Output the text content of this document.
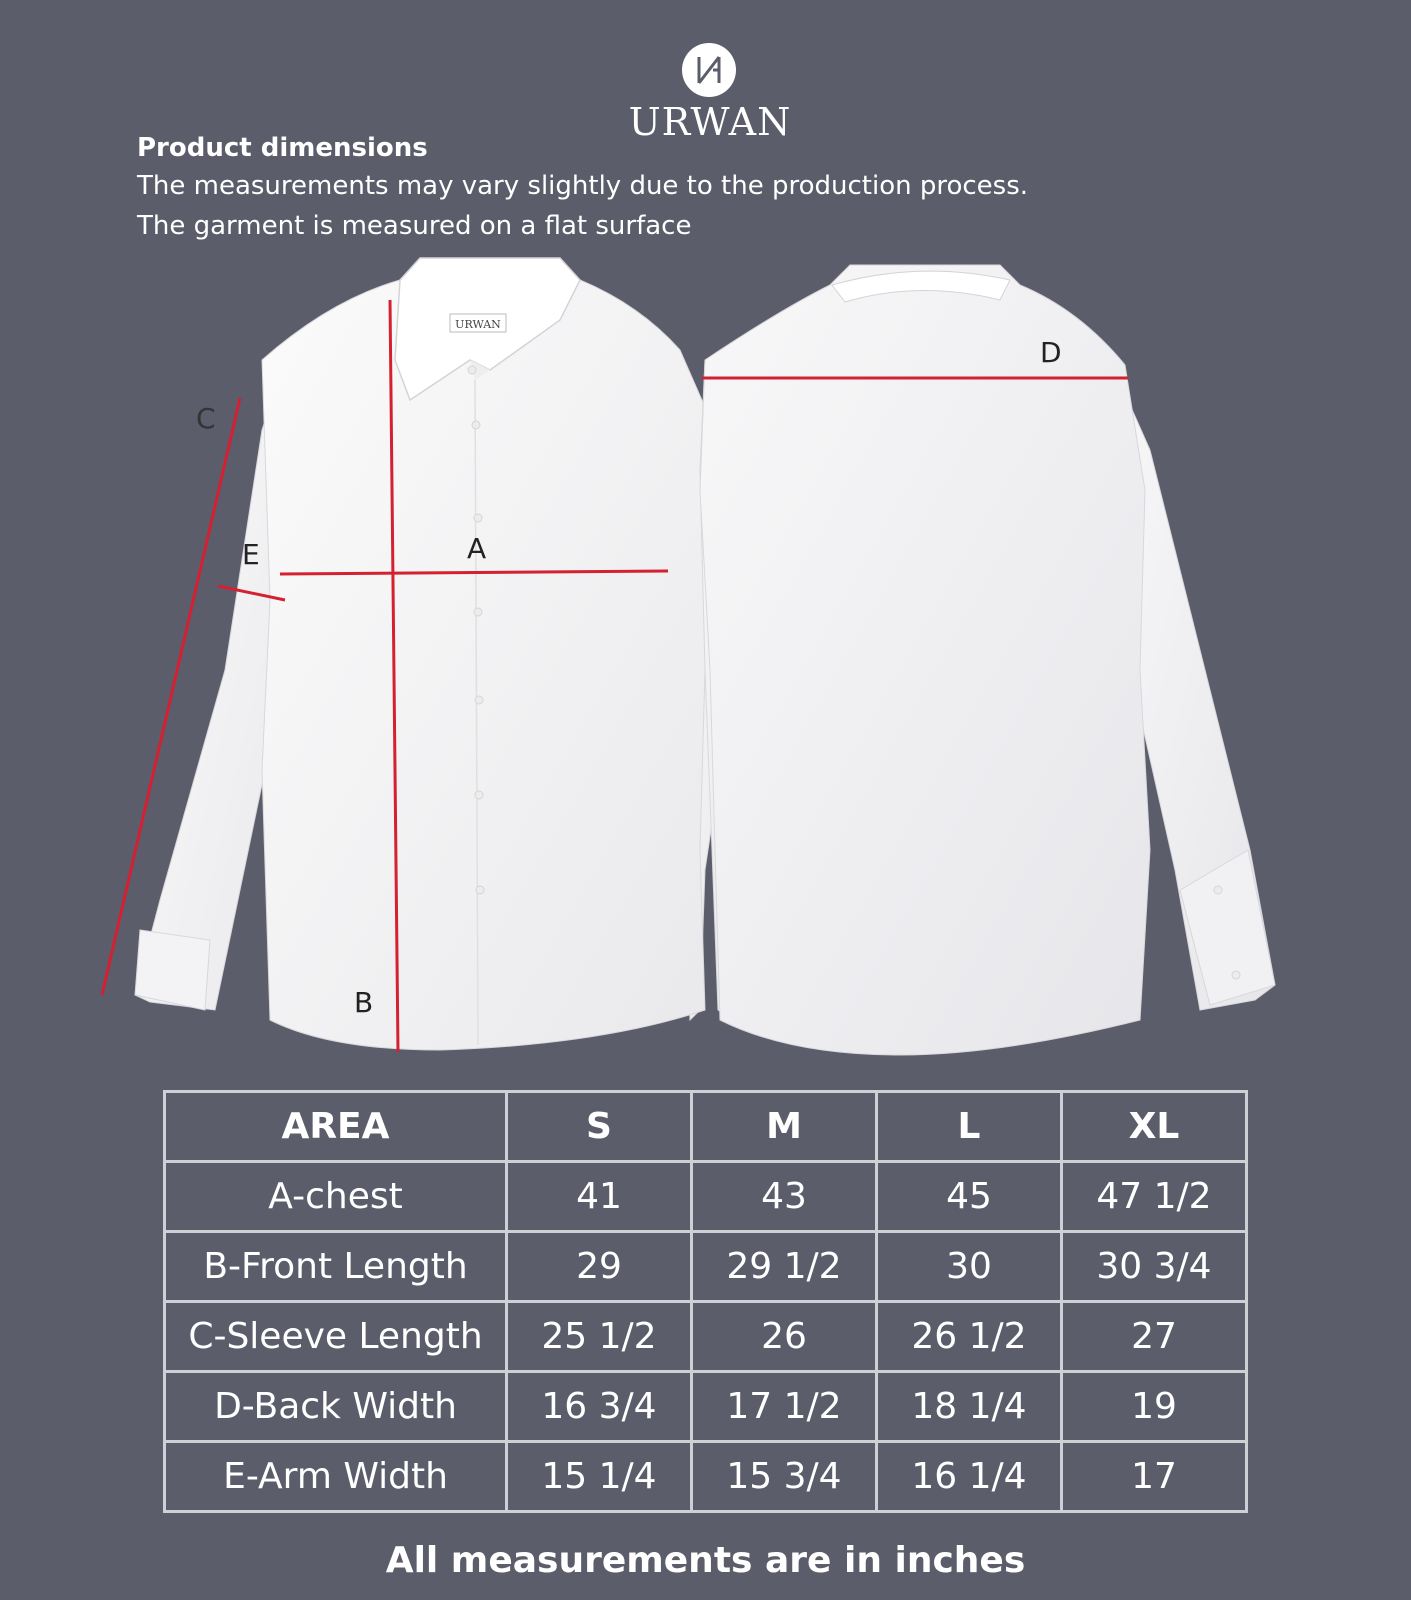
URWAN

Product dimensions

The measurements may vary slightly due to the production process.

The garment is measured on a flat surface

URWAN
A
B
C
D
E
AREA	S	M	L	XL
A-chest	41	43	45	47 1/2
B-Front Length	29	29 1/2	30	30 3/4
C-Sleeve Length	25 1/2	26	26 1/2	27
D-Back Width	16 3/4	17 1/2	18 1/4	19
E-Arm Width	15 1/4	15 3/4	16 1/4	17
All measurements are in inches
